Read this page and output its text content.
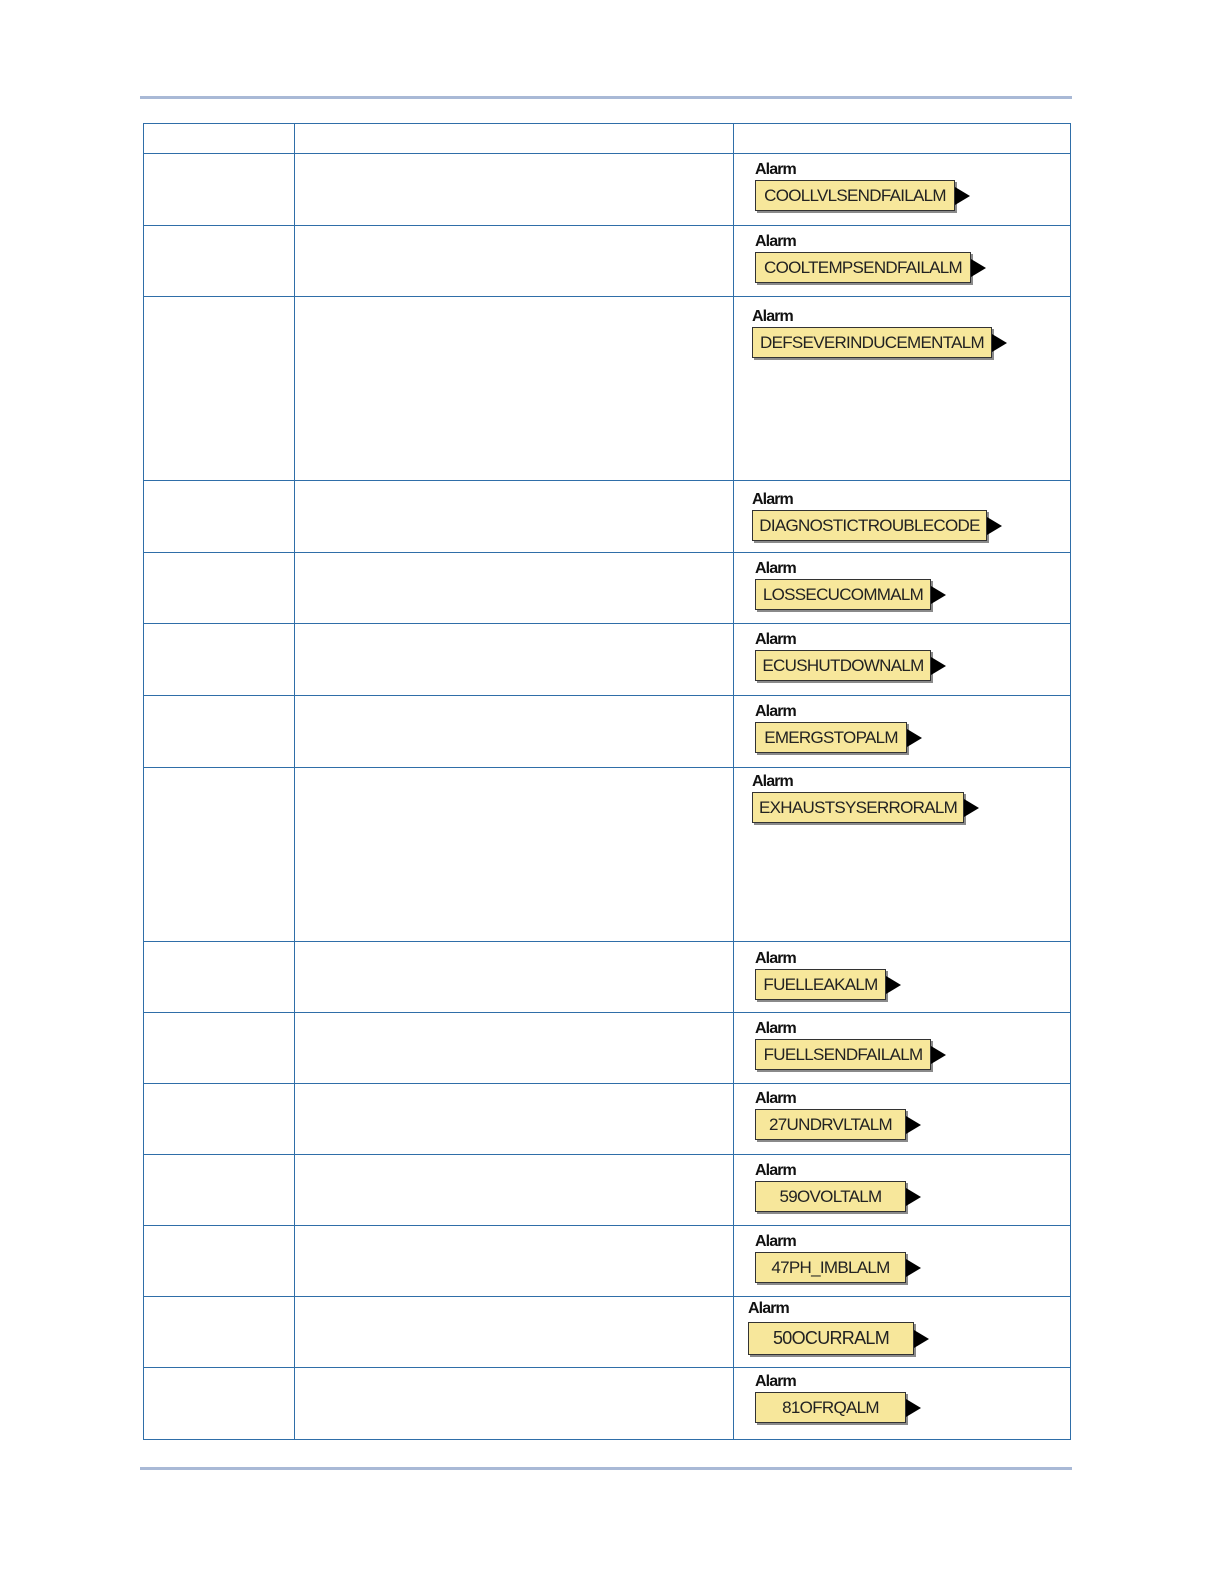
		Alarm
COOLLVLSENDFAILALM

		Alarm
COOLTEMPSENDFAILALM

		Alarm
DEFSEVERINDUCEMENTALM

		Alarm
DIAGNOSTICTROUBLECODE

		Alarm
LOSSECUCOMMALM

		Alarm
ECUSHUTDOWNALM

		Alarm
EMERGSTOPALM

		Alarm
EXHAUSTSYSERRORALM

		Alarm
FUELLEAKALM

		Alarm
FUELLSENDFAILALM

		Alarm
27UNDRVLTALM

		Alarm
59OVOLTALM

		Alarm
47PH_IMBLALM

		Alarm
50OCURRALM

		Alarm
81OFRQALM
